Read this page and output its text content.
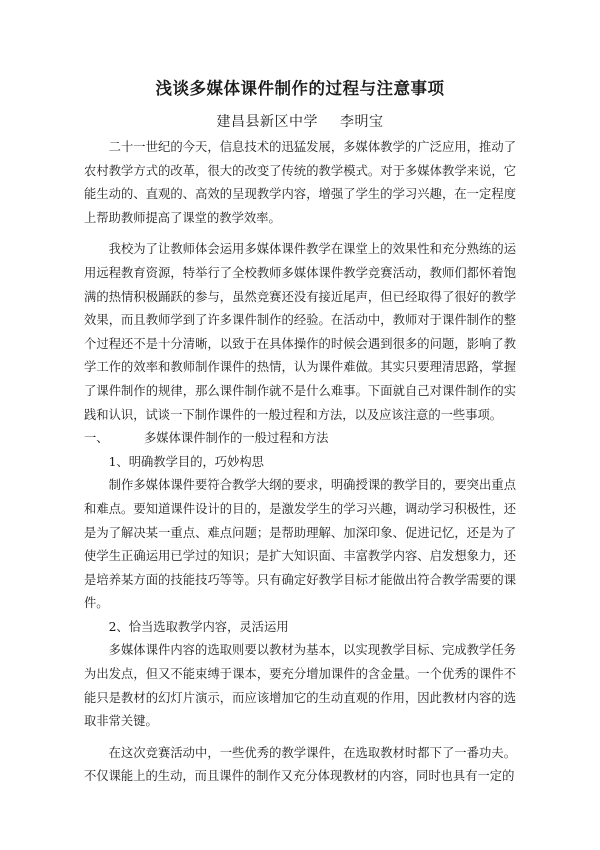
浅谈多媒体课件制作的过程与注意事项
建昌县新区中学 李明宝

二十一世纪的今天，信息技术的迅猛发展，多媒体教学的广泛应用，推动了农村教学方式的改革，很大的改变了传统的教学模式。对于多媒体教学来说，它能生动的、直观的、高效的呈现教学内容，增强了学生的学习兴趣，在一定程度上帮助教师提高了课堂的教学效率。

我校为了让教师体会运用多媒体课件教学在课堂上的效果性和充分熟练的运用远程教育资源，特举行了全校教师多媒体课件教学竞赛活动，教师们都怀着饱满的热情积极踊跃的参与，虽然竞赛还没有接近尾声，但已经取得了很好的教学效果，而且教师学到了许多课件制作的经验。在活动中，教师对于课件制作的整个过程还不是十分清晰，以致于在具体操作的时候会遇到很多的问题，影响了教学工作的效率和教师制作课件的热情，认为课件难做。其实只要理清思路，掌握了课件制作的规律，那么课件制作就不是什么难事。下面就自己对课件制作的实践和认识，试谈一下制作课件的一般过程和方法，以及应该注意的一些事项。

一、	多媒体课件制作的一般过程和方法
1、明确教学目的，巧妙构思

制作多媒体课件要符合教学大纲的要求，明确授课的教学目的，要突出重点和难点。要知道课件设计的目的，是激发学生的学习兴趣，调动学习积极性，还是为了解决某一重点、难点问题；是帮助理解、加深印象、促进记忆，还是为了使学生正确运用已学过的知识；是扩大知识面、丰富教学内容、启发想象力，还是培养某方面的技能技巧等等。只有确定好教学目标才能做出符合教学需要的课件。

2、恰当选取教学内容，灵活运用

多媒体课件内容的选取则要以教材为基本，以实现教学目标、完成教学任务为出发点，但又不能束缚于课本，要充分增加课件的含金量。一个优秀的课件不能只是教材的幻灯片演示，而应该增加它的生动直观的作用，因此教材内容的选取非常关键。

在这次竞赛活动中，一些优秀的教学课件，在选取教材时都下了一番功夫。不仅课能上的生动，而且课件的制作又充分体现教材的内容，同时也具有一定的
